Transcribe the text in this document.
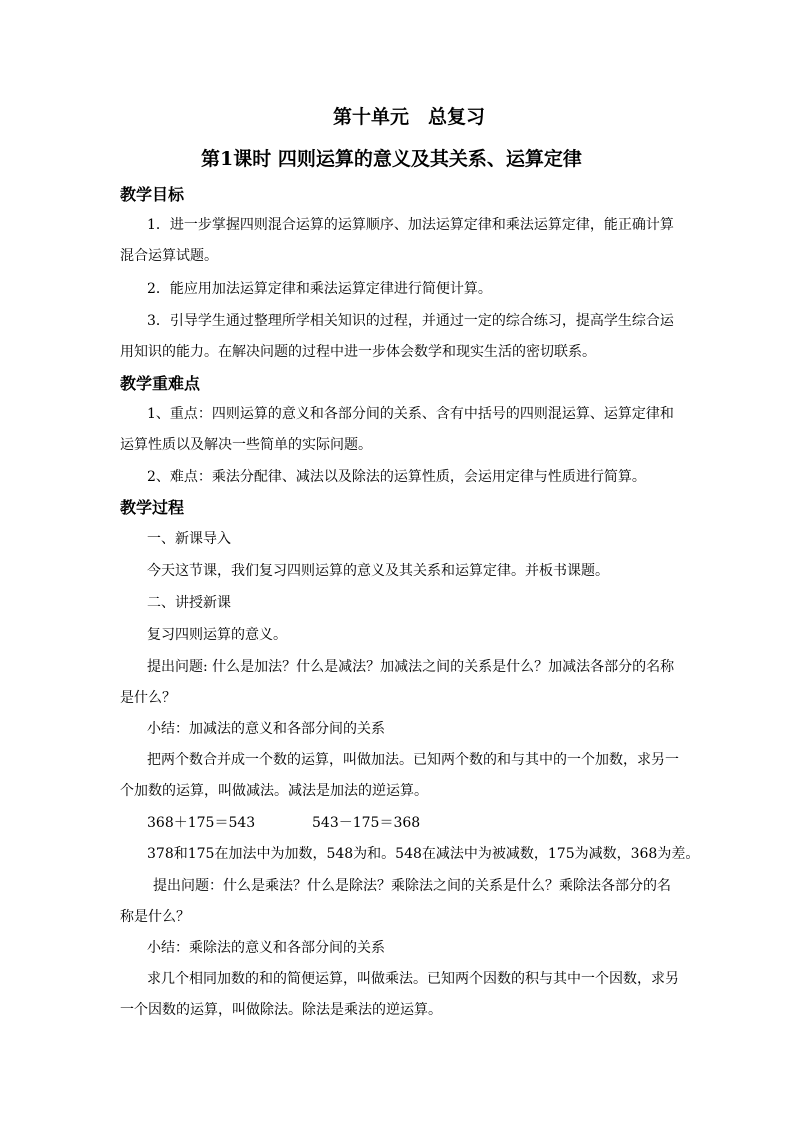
第十单元　总复习
第1课时 四则运算的意义及其关系、运算定律
教学目标
1．进一步掌握四则混合运算的运算顺序、加法运算定律和乘法运算定律，能正确计算
混合运算试题。
2．能应用加法运算定律和乘法运算定律进行简便计算。
3．引导学生通过整理所学相关知识的过程，并通过一定的综合练习，提高学生综合运
用知识的能力。在解决问题的过程中进一步体会数学和现实生活的密切联系。
教学重难点
1、重点：四则运算的意义和各部分间的关系、含有中括号的四则混运算、运算定律和
运算性质以及解决一些简单的实际问题。
2、难点：乘法分配律、减法以及除法的运算性质，会运用定律与性质进行简算。
教学过程
一、新课导入
今天这节课，我们复习四则运算的意义及其关系和运算定律。并板书课题。
二、讲授新课
复习四则运算的意义。
提出问题: 什么是加法？什么是减法？加减法之间的关系是什么？加减法各部分的名称
是什么？
小结：加减法的意义和各部分间的关系
把两个数合并成一个数的运算，叫做加法。已知两个数的和与其中的一个加数，求另一
个加数的运算，叫做减法。减法是加法的逆运算。
368＋175＝543	543－175＝368
378和175在加法中为加数，548为和。548在减法中为被减数，175为减数，368为差。
提出问题：什么是乘法？什么是除法？乘除法之间的关系是什么？乘除法各部分的名
称是什么？
小结：乘除法的意义和各部分间的关系
求几个相同加数的和的简便运算，叫做乘法。已知两个因数的积与其中一个因数，求另
一个因数的运算，叫做除法。除法是乘法的逆运算。
